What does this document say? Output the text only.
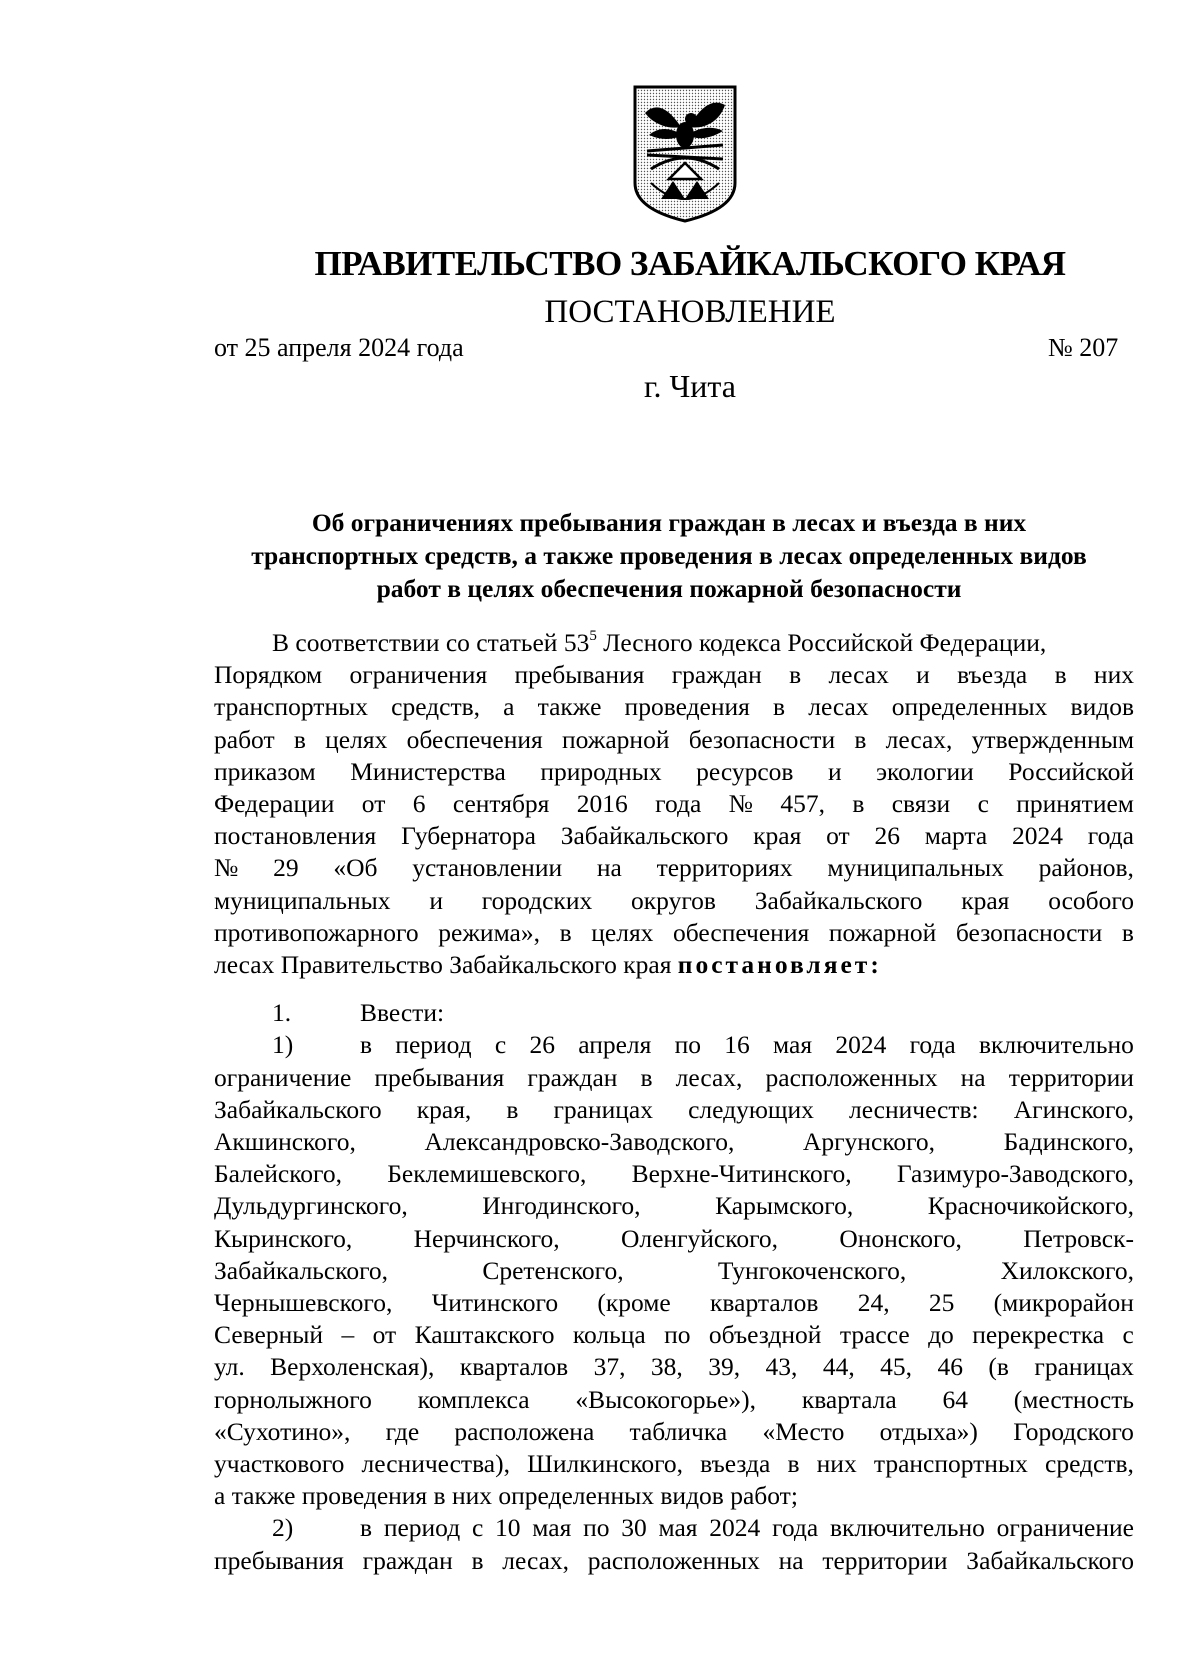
ПРАВИТЕЛЬСТВО ЗАБАЙКАЛЬСКОГО КРАЯ
ПОСТАНОВЛЕНИЕ
от 25 апреля 2024 года	№ 207
г. Чита
Об ограничениях пребывания граждан в лесах и въезда в них
транспортных средств, а также проведения в лесах определенных видов
работ в целях обеспечения пожарной безопасности
В соответствии со статьей $53^5$ Лесного кодекса Российской Федерации,
Порядком ограничения пребывания граждан в лесах и въезда в них
транспортных средств, а также проведения в лесах определенных видов
работ в целях обеспечения пожарной безопасности в лесах, утвержденным
приказом Министерства природных ресурсов и экологии Российской
Федерации от 6 сентября 2016 года № 457, в связи с принятием
постановления Губернатора Забайкальского края от 26 марта 2024 года
№ 29 «Об установлении на территориях муниципальных районов,
муниципальных и городских округов Забайкальского края особого
противопожарного режима», в целях обеспечения пожарной безопасности в
лесах Правительство Забайкальского края постановляет:
1.	Ввести:
1)	в период с 26 апреля по 16 мая 2024 года включительно
ограничение пребывания граждан в лесах, расположенных на территории
Забайкальского края, в границах следующих лесничеств: Агинского,
Акшинского,	Александровско-Заводского,	Аргунского,	Бадинского,
Балейского, Беклемишевского, Верхне-Читинского, Газимуро-Заводского,
Дульдургинского,	Ингодинского,	Карымского,	Красночикойского,
Кыринского, Нерчинского, Оленгуйского, Ононского, Петровск-
Забайкальского,	Сретенского,	Тунгокоченского,	Хилокского,
Чернышевского, Читинского (кроме кварталов 24, 25 (микрорайон
Северный – от Каштакского кольца по объездной трассе до перекрестка с
ул. Верхоленская), кварталов 37, 38, 39, 43, 44, 45, 46 (в границах
горнолыжного комплекса «Высокогорье»), квартала 64 (местность
«Сухотино», где расположена табличка «Место отдыха») Городского
участкового лесничества), Шилкинского, въезда в них транспортных средств,
а также проведения в них определенных видов работ;
2)	в период с 10 мая по 30 мая 2024 года включительно ограничение
пребывания граждан в лесах, расположенных на территории Забайкальского
